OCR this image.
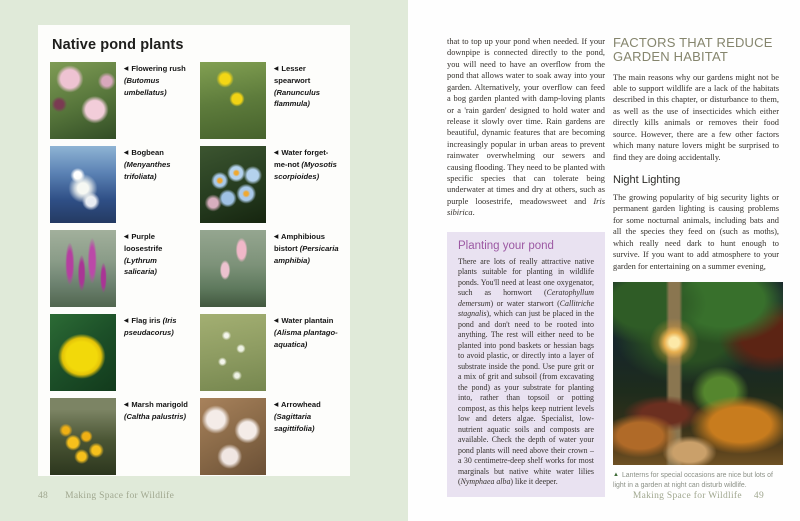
Native pond plants
◀ Flowering rush (Butomus umbellatus)
◀ Lesser spearwort (Ranunculus flammula)
◀ Bogbean (Menyanthes trifoliata)
◀ Water forget-me-not (Myosotis scorpioides)
◀ Purple loosestrife (Lythrum salicaria)
◀ Amphibious bistort (Persicaria amphibia)
◀ Flag iris (Iris pseudacorus)
◀ Water plantain (Alisma plantago-aquatica)
◀ Marsh marigold (Caltha palustris)
◀ Arrowhead (Sagittaria sagittifolia)
48 Making Space for Wildlife

that to top up your pond when needed. If your downpipe is connected directly to the pond, you will need to have an overflow from the pond that allows water to soak away into your garden. Alternatively, your overflow can feed a bog garden planted with damp-loving plants or a 'rain garden' designed to hold water and release it slowly over time. Rain gardens are beautiful, dynamic features that are becoming increasingly popular in urban areas to prevent rainwater overwhelming our sewers and causing flooding. They need to be planted with specific species that can tolerate being underwater at times and dry at others, such as purple loosestrife, meadowsweet and Iris sibirica.

Planting your pond

There are lots of really attractive native plants suitable for planting in wildlife ponds. You'll need at least one oxygenator, such as hornwort (Ceratophyllum demersum) or water starwort (Callitriche stagnalis), which can just be placed in the pond and don't need to be rooted into anything. The rest will either need to be planted into pond baskets or hessian bags to avoid plastic, or directly into a layer of substrate inside the pond. Use pure grit or a mix of grit and subsoil (from excavating the pond) as your substrate for planting into, rather than topsoil or potting compost, as this helps keep nutrient levels low and deters algae. Specialist, low-nutrient aquatic soils and composts are available. Check the depth of water your pond plants will need above their crown – a 30 centimetre-deep shelf works for most marginals but native white water lilies (Nymphaea alba) like it deeper.

FACTORS THAT REDUCE GARDEN HABITAT

The main reasons why our gardens might not be able to support wildlife are a lack of the habitats described in this chapter, or disturbance to them, as well as the use of insecticides which either directly kills animals or removes their food source. However, there are a few other factors which many nature lovers might be surprised to find they are doing accidentally.

Night Lighting

The growing popularity of big security lights or permanent garden lighting is causing problems for some nocturnal animals, including bats and all the species they feed on (such as moths), which really need dark to hunt enough to survive. If you want to add atmosphere to your garden for entertaining on a summer evening,

▲ Lanterns for special occasions are nice but lots of light in a garden at night can disturb wildlife.

Making Space for Wildlife 49
